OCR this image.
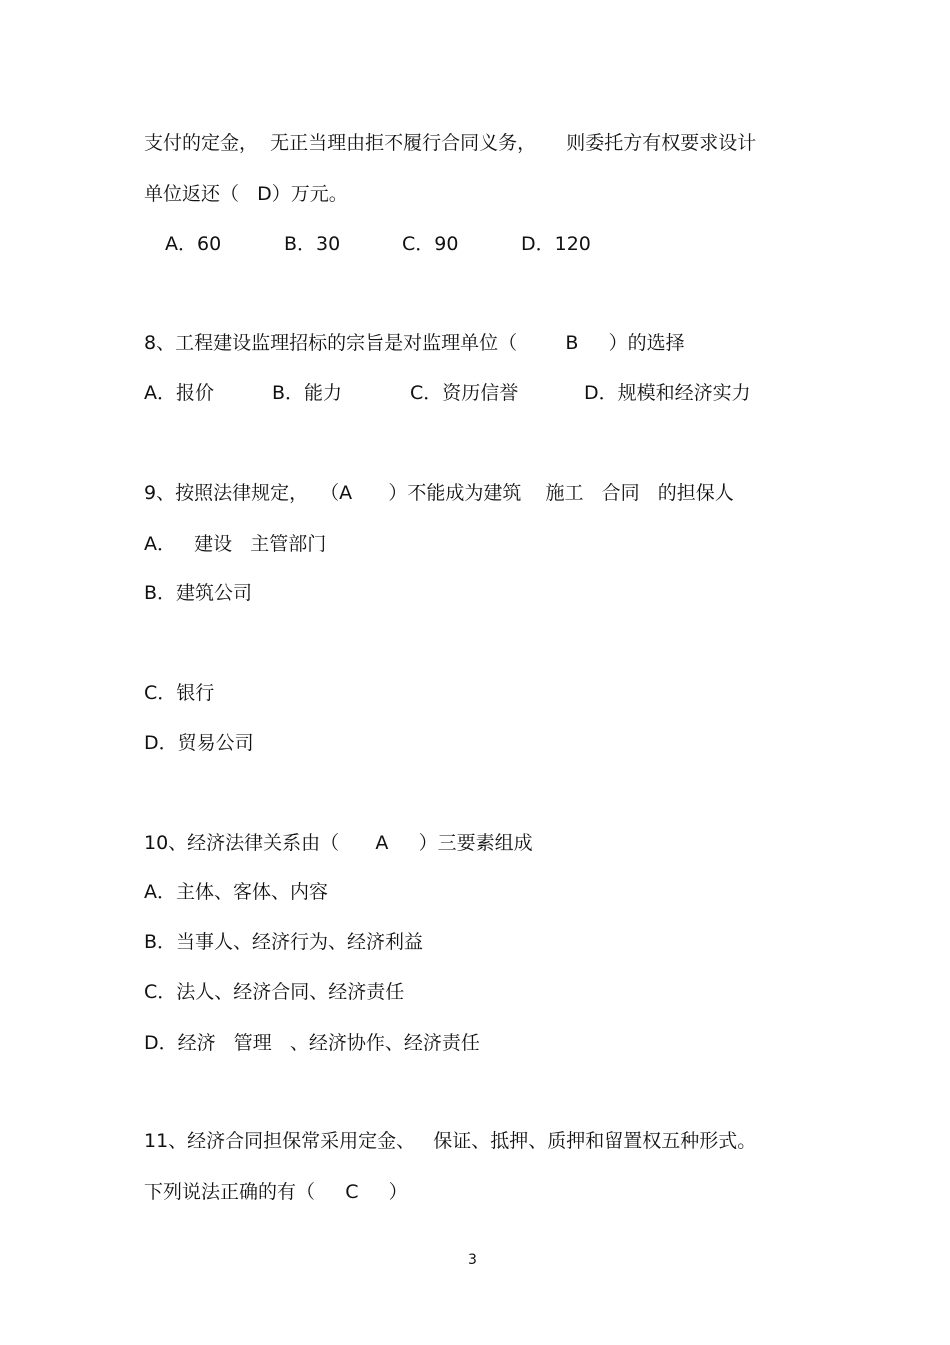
支付的定金，  无正当理由拒不履行合同义务，     则委托方有权要求设计
单位返还（   D）万元。
A．60	B．30	C．90	D．120
8、工程建设监理招标的宗旨是对监理单位（        B     ）的选择
A．报价	B．能力	C．资历信誉	D．规模和经济实力
9、按照法律规定，  （A      ）不能成为建筑    施工   合同   的担保人
A．   建设   主管部门
B．建筑公司
C．银行
D．贸易公司
10、经济法律关系由（      A     ）三要素组成
A．主体、客体、内容
B．当事人、经济行为、经济利益
C．法人、经济合同、经济责任
D．经济   管理   、经济协作、经济责任
11、经济合同担保常采用定金、   保证、抵押、质押和留置权五种形式。
下列说法正确的有（     C     ）
3
